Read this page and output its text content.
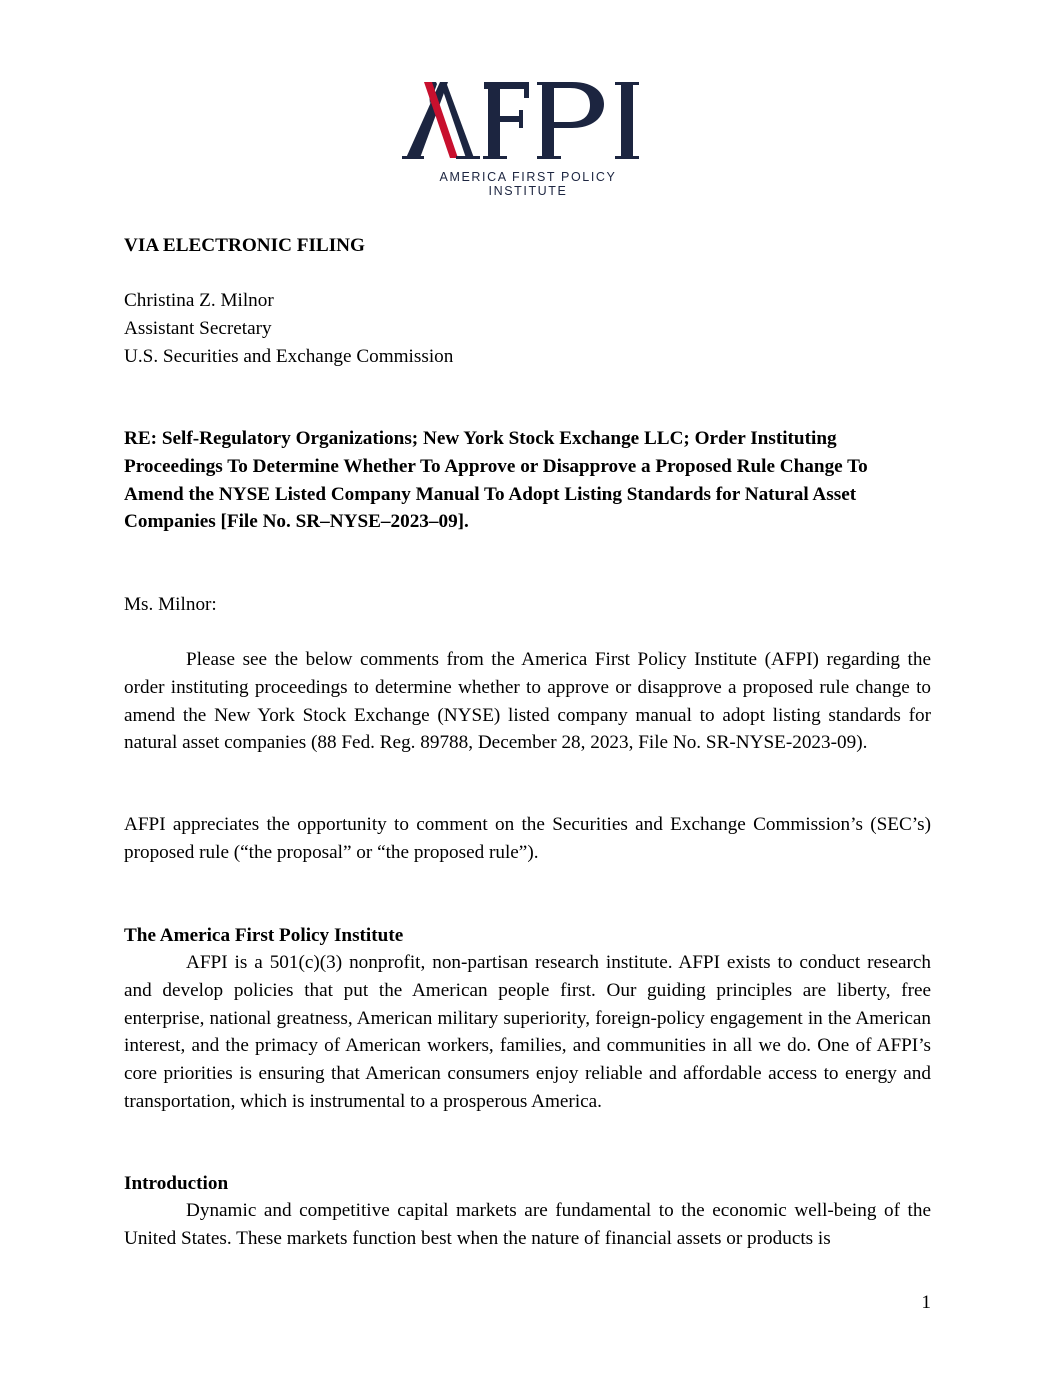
AMERICA FIRST POLICY INSTITUTE

VIA ELECTRONIC FILING

Christina Z. Milnor

Assistant Secretary

U.S. Securities and Exchange Commission

RE: Self-Regulatory Organizations; New York Stock Exchange LLC; Order Instituting Proceedings To Determine Whether To Approve or Disapprove a Proposed Rule Change To Amend the NYSE Listed Company Manual To Adopt Listing Standards for Natural Asset Companies [File No. SR–NYSE–2023–09].

Ms. Milnor:

Please see the below comments from the America First Policy Institute (AFPI) regarding the order instituting proceedings to determine whether to approve or disapprove a proposed rule change to amend the New York Stock Exchange (NYSE) listed company manual to adopt listing standards for natural asset companies (88 Fed. Reg. 89788, December 28, 2023, File No. SR-NYSE-2023-09).

AFPI appreciates the opportunity to comment on the Securities and Exchange Commission’s (SEC’s) proposed rule (“the proposal” or “the proposed rule”).

The America First Policy Institute

AFPI is a 501(c)(3) nonprofit, non-partisan research institute. AFPI exists to conduct research and develop policies that put the American people first. Our guiding principles are liberty, free enterprise, national greatness, American military superiority, foreign-policy engagement in the American interest, and the primacy of American workers, families, and communities in all we do. One of AFPI’s core priorities is ensuring that American consumers enjoy reliable and affordable access to energy and transportation, which is instrumental to a prosperous America.

Introduction

Dynamic and competitive capital markets are fundamental to the economic well-being of the United States. These markets function best when the nature of financial assets or products is

1
